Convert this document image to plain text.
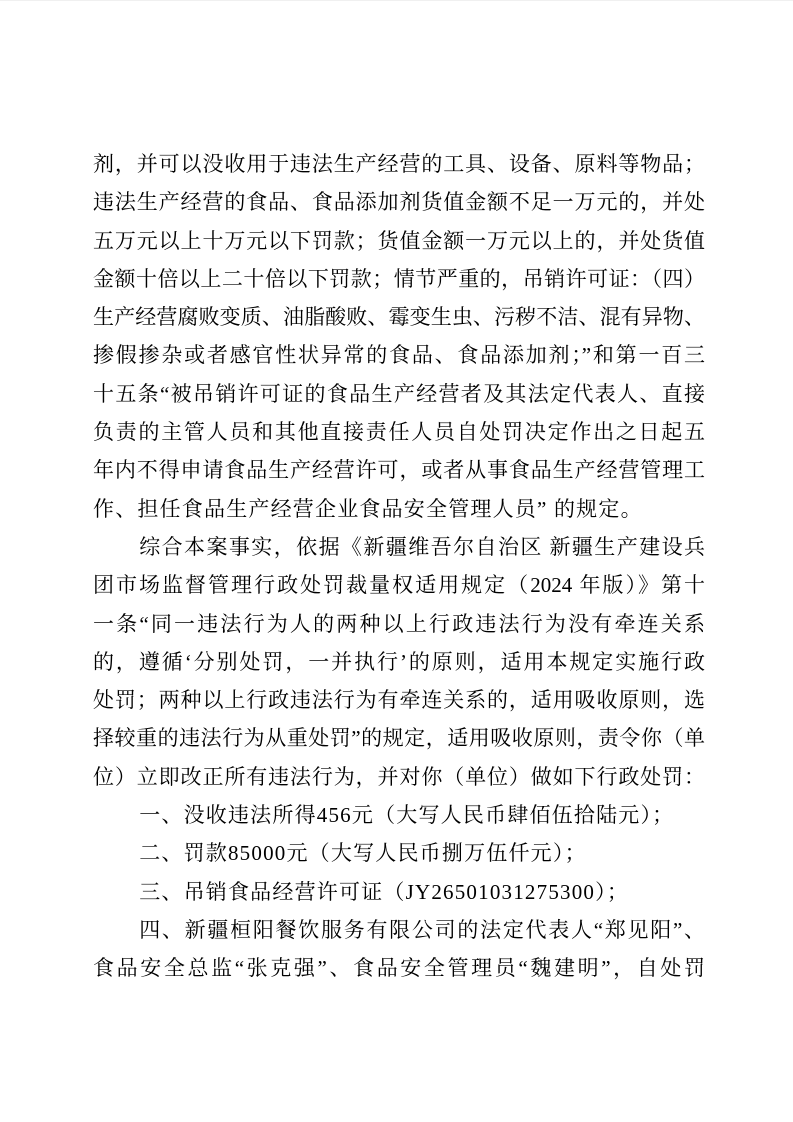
剂，并可以没收用于违法生产经营的工具、设备、原料等物品；
违法生产经营的食品、食品添加剂货值金额不足一万元的，并处
五万元以上十万元以下罚款；货值金额一万元以上的，并处货值
金额十倍以上二十倍以下罚款；情节严重的，吊销许可证：（四）
生产经营腐败变质、油脂酸败、霉变生虫、污秽不洁、混有异物、
掺假掺杂或者感官性状异常的食品、食品添加剂；”和第一百三
十五条“被吊销许可证的食品生产经营者及其法定代表人、直接
负责的主管人员和其他直接责任人员自处罚决定作出之日起五
年内不得申请食品生产经营许可，或者从事食品生产经营管理工
作、担任食品生产经营企业食品安全管理人员” 的规定。
综合本案事实，依据《新疆维吾尔自治区 新疆生产建设兵
团市场监督管理行政处罚裁量权适用规定（2024 年版）》第十
一条“同一违法行为人的两种以上行政违法行为没有牵连关系
的，遵循‘分别处罚，一并执行’的原则，适用本规定实施行政
处罚；两种以上行政违法行为有牵连关系的，适用吸收原则，选
择较重的违法行为从重处罚”的规定，适用吸收原则，责令你（单
位）立即改正所有违法行为，并对你（单位）做如下行政处罚：
一、没收违法所得456元（大写人民币肆佰伍拾陆元）；
二、罚款85000元（大写人民币捌万伍仟元）；
三、吊销食品经营许可证（JY26501031275300）；
四、新疆桓阳餐饮服务有限公司的法定代表人“郑见阳”、
食品安全总监“张克强”、食品安全管理员“魏建明”，自处罚
